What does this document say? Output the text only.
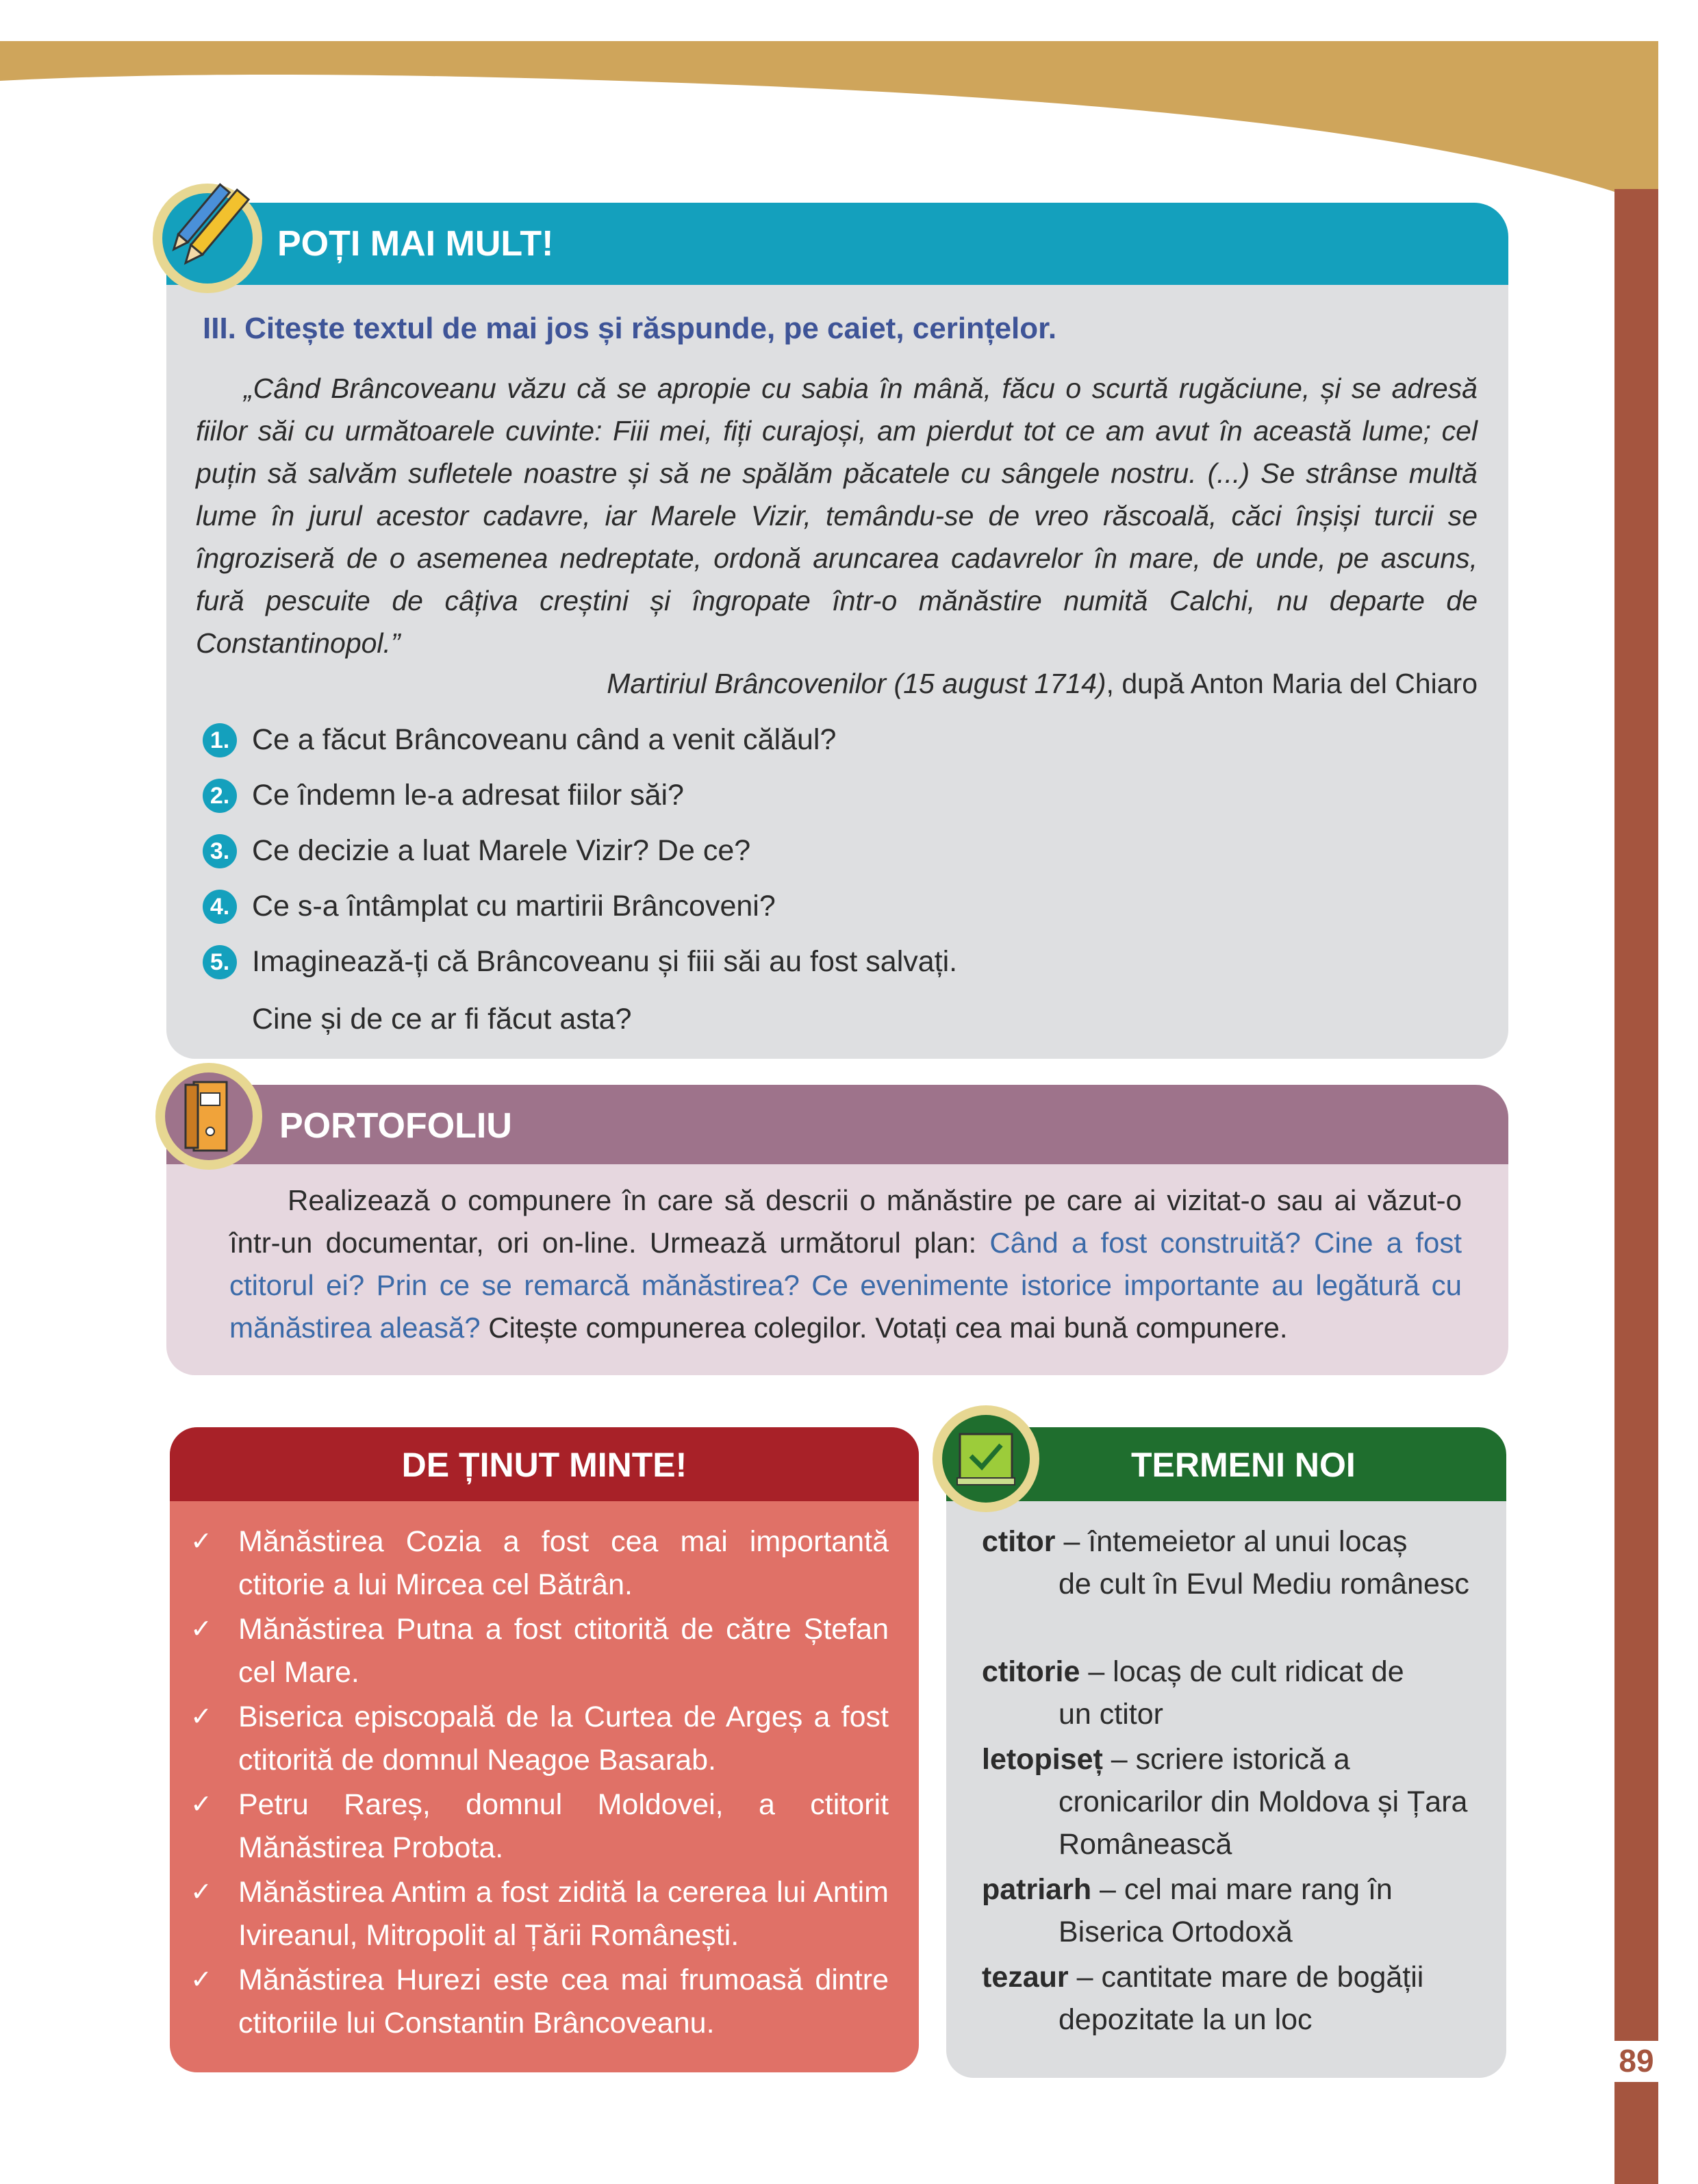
89
POȚI MAI MULT!
III. Citește textul de mai jos și răspunde, pe caiet, cerințelor.

„Când Brâncoveanu văzu că se apropie cu sabia în mână, făcu o scurtă rugăciune, și se adresă fiilor săi cu următoarele cuvinte: Fiii mei, fiți curajoși, am pierdut tot ce am avut în această lume; cel puțin să salvăm sufletele noastre și să ne spălăm păcatele cu sângele nostru. (...) Se strânse multă lume în jurul acestor cadavre, iar Marele Vizir, temându-se de vreo răscoală, căci înșiși turcii se îngroziseră de o asemenea nedreptate, ordonă aruncarea cadavrelor în mare, de unde, pe ascuns, fură pescuite de câțiva creștini și îngropate într-o mănăstire numită Calchi, nu departe de Constantinopol.”

Martiriul Brâncovenilor (15 august 1714), după Anton Maria del Chiaro
1. Ce a făcut Brâncoveanu când a venit călăul?
2. Ce îndemn le-a adresat fiilor săi?
3. Ce decizie a luat Marele Vizir? De ce?
4. Ce s-a întâmplat cu martirii Brâncoveni?
5. Imaginează-ți că Brâncoveanu și fiii săi au fost salvați.
Cine și de ce ar fi făcut asta?
PORTOFOLIU
Realizează o compunere în care să descrii o mănăstire pe care ai vizitat-o sau ai văzut-o într-un documentar, ori on-line. Urmează următorul plan: Când a fost construită? Cine a fost ctitorul ei? Prin ce se remarcă mănăstirea? Ce evenimente istorice importante au legătură cu mănăstirea aleasă? Citește compunerea colegilor. Votați cea mai bună compunere.
DE ȚINUT MINTE!
✓ Mănăstirea Cozia a fost cea mai importantă ctitorie a lui Mircea cel Bătrân.
✓ Mănăstirea Putna a fost ctitorită de către Ștefan cel Mare.
✓ Biserica episcopală de la Curtea de Argeș a fost ctitorită de domnul Neagoe Basarab.
✓ Petru Rareș, domnul Moldovei, a ctitorit Mănăstirea Probota.
✓ Mănăstirea Antim a fost zidită la cererea lui Antim Ivireanul, Mitropolit al Țării Românești.
✓ Mănăstirea Hurezi este cea mai frumoasă dintre ctitoriile lui Constantin Brâncoveanu.
TERMENI NOI
ctitor – întemeietor al unui locaș
de cult în Evul Mediu românesc
ctitorie – locaș de cult ridicat de
un ctitor
letopiseț – scriere istorică a
cronicarilor din Moldova și Țara Românească
patriarh – cel mai mare rang în
Biserica Ortodoxă
tezaur – cantitate mare de bogății
depozitate la un loc
